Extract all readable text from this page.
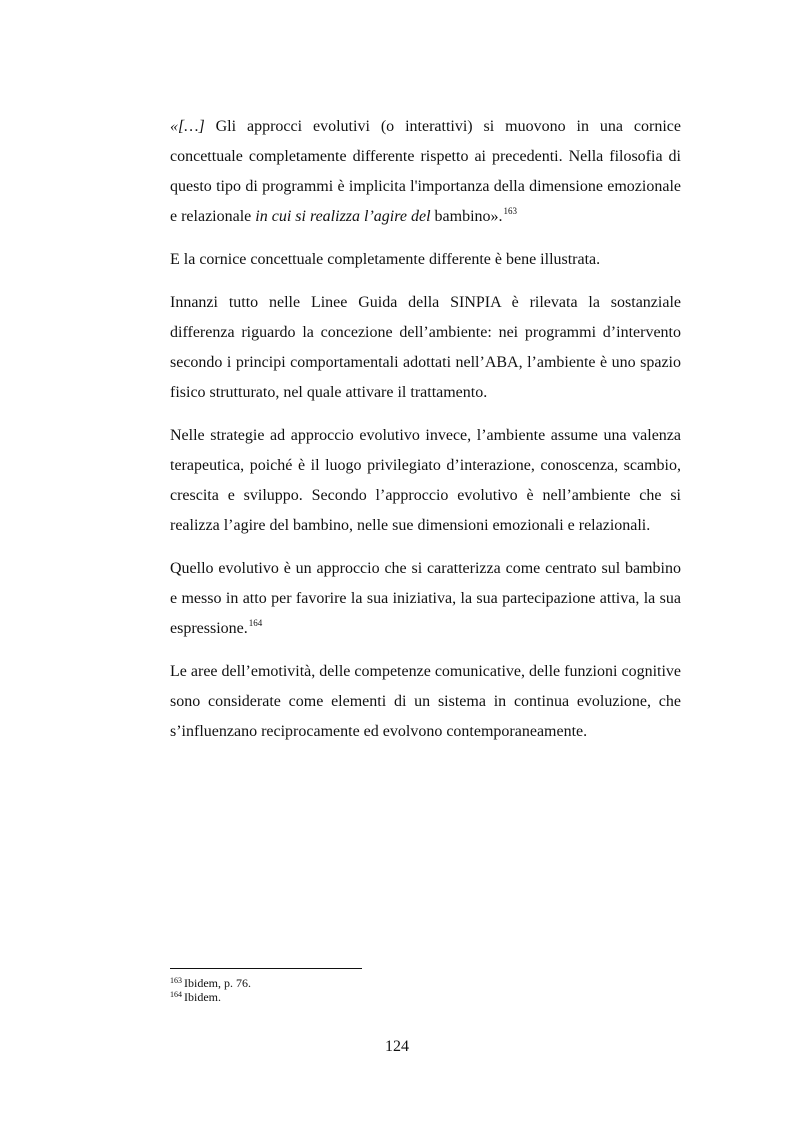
«[…] Gli approcci evolutivi (o interattivi) si muovono in una cornice concettuale completamente differente rispetto ai precedenti. Nella filosofia di questo tipo di programmi è implicita l'importanza della dimensione emozionale e relazionale in cui si realizza l’agire del bambino».$^{163}$

E la cornice concettuale completamente differente è bene illustrata.

Innanzi tutto nelle Linee Guida della SINPIA è rilevata la sostanziale differenza riguardo la concezione dell’ambiente: nei programmi d’intervento secondo i principi comportamentali adottati nell’ABA, l’ambiente è uno spazio fisico strutturato, nel quale attivare il trattamento.

Nelle strategie ad approccio evolutivo invece, l’ambiente assume una valenza terapeutica, poiché è il luogo privilegiato d’interazione, conoscenza, scambio, crescita e sviluppo. Secondo l’approccio evolutivo è nell’ambiente che si realizza l’agire del bambino, nelle sue dimensioni emozionali e relazionali.

Quello evolutivo è un approccio che si caratterizza come centrato sul bambino e messo in atto per favorire la sua iniziativa, la sua partecipazione attiva, la sua espressione.$^{164}$

Le aree dell’emotività, delle competenze comunicative, delle funzioni cognitive sono considerate come elementi di un sistema in continua evoluzione, che s’influenzano reciprocamente ed evolvono contemporaneamente.

$^{163}$ Ibidem, p. 76.
$^{164}$ Ibidem.
124
